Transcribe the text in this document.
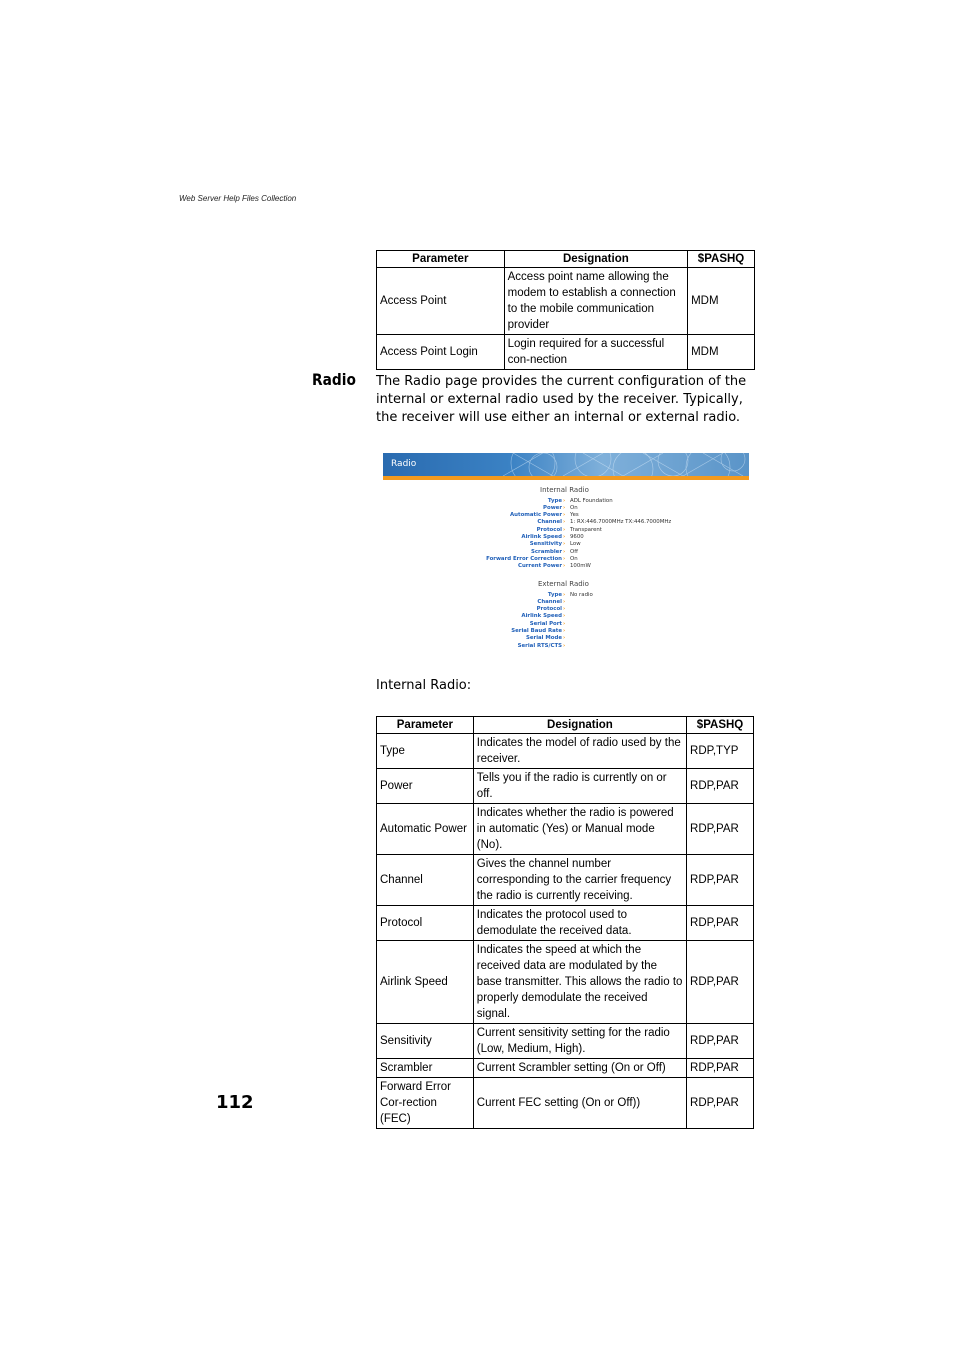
Web Server Help Files Collection
Parameter	Designation	$PASHQ
Access Point	Access point name allowing the modem to establish a connection to the mobile communication provider	MDM
Access Point Login	Login required for a successful con-nection	MDM
Radio The Radio page provides the current configuration of the internal or external radio used by the receiver. Typically, the receiver will use either an internal or external radio.
Radio
Internal Radio
Type › ADL Foundation
Power › On
Automatic Power › Yes
Channel › 1: RX:446.7000MHz TX:446.7000MHz
Protocol › Transparent
Airlink Speed › 9600
Sensitivity › Low
Scrambler › Off
Forward Error Correction › On
Current Power › 100mW
External Radio
Type › No radio
Channel ›
Protocol ›
Airlink Speed ›
Serial Port ›
Serial Baud Rate ›
Serial Mode ›
Serial RTS/CTS ›
Internal Radio:
Parameter	Designation	$PASHQ
Type	Indicates the model of radio used by the receiver.	RDP,TYP
Power	Tells you if the radio is currently on or off.	RDP,PAR
Automatic Power	Indicates whether the radio is powered in automatic (Yes) or Manual mode (No).	RDP,PAR
Channel	Gives the channel number corresponding to the carrier frequency the radio is currently receiving.	RDP,PAR
Protocol	Indicates the protocol used to demodulate the received data.	RDP,PAR
Airlink Speed	Indicates the speed at which the received data are modulated by the base transmitter. This allows the radio to properly demodulate the received signal.	RDP,PAR
Sensitivity	Current sensitivity setting for the radio (Low, Medium, High).	RDP,PAR
Scrambler	Current Scrambler setting (On or Off)	RDP,PAR
Forward Error Cor-rection (FEC)	Current FEC setting (On or Off))	RDP,PAR
112
